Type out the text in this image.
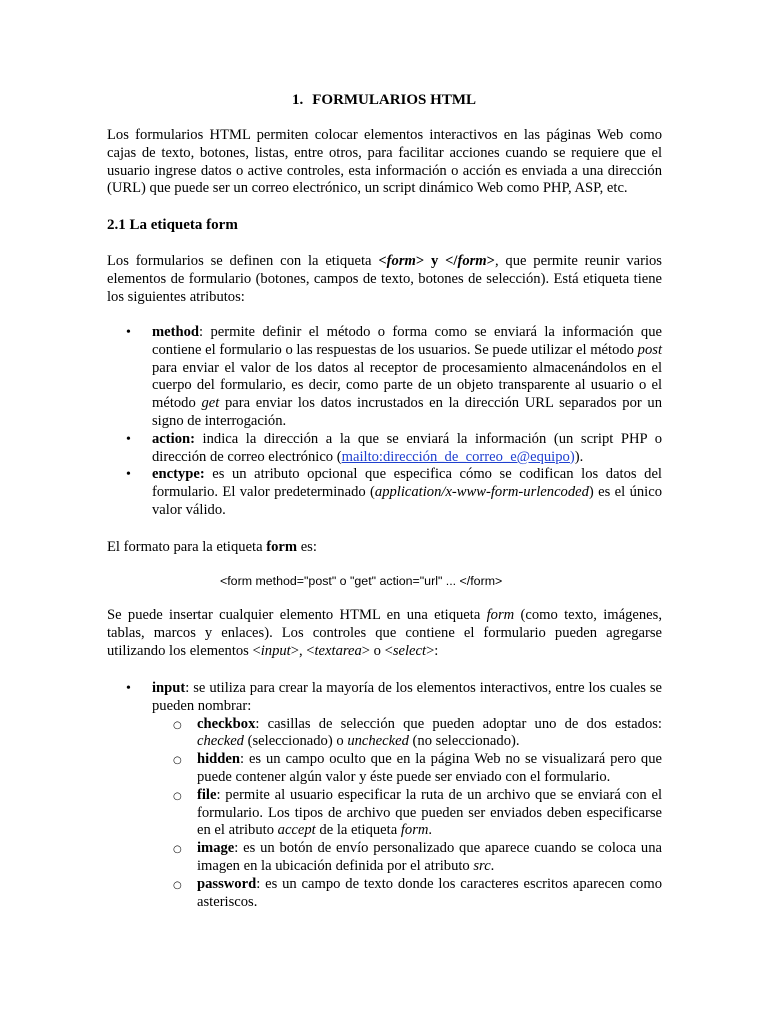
1. FORMULARIOS HTML

Los formularios HTML permiten colocar elementos interactivos en las páginas Web como cajas de texto, botones, listas, entre otros, para facilitar acciones cuando se requiere que el usuario ingrese datos o active controles, esta información o acción es enviada a una dirección (URL) que puede ser un correo electrónico, un script dinámico Web como PHP, ASP, etc.

2.1 La etiqueta form

Los formularios se definen con la etiqueta <form> y </form>, que permite reunir varios elementos de formulario (botones, campos de texto, botones de selección). Está etiqueta tiene los siguientes atributos:

• method: permite definir el método o forma como se enviará la información que contiene el formulario o las respuestas de los usuarios. Se puede utilizar el método post para enviar el valor de los datos al receptor de procesamiento almacenándolos en el cuerpo del formulario, es decir, como parte de un objeto transparente al usuario o el método get para enviar los datos incrustados en la dirección URL separados por un signo de interrogación.
• action: indica la dirección a la que se enviará la información (un script PHP o dirección de correo electrónico (mailto:dirección_de_correo_e@equipo)).
• enctype: es un atributo opcional que especifica cómo se codifican los datos del formulario. El valor predeterminado (application/x-www-form-urlencoded) es el único valor válido.

El formato para la etiqueta form es:

<form method="post" o "get" action="url" ... </form>

Se puede insertar cualquier elemento HTML en una etiqueta form (como texto, imágenes, tablas, marcos y enlaces). Los controles que contiene el formulario pueden agregarse utilizando los elementos <input>, <textarea> o <select>:

• input: se utiliza para crear la mayoría de los elementos interactivos, entre los cuales se pueden nombrar:
○ checkbox: casillas de selección que pueden adoptar uno de dos estados: checked (seleccionado) o unchecked (no seleccionado).
○ hidden: es un campo oculto que en la página Web no se visualizará pero que puede contener algún valor y éste puede ser enviado con el formulario.
○ file: permite al usuario especificar la ruta de un archivo que se enviará con el formulario. Los tipos de archivo que pueden ser enviados deben especificarse en el atributo accept de la etiqueta form.
○ image: es un botón de envío personalizado que aparece cuando se coloca una imagen en la ubicación definida por el atributo src.
○ password: es un campo de texto donde los caracteres escritos aparecen como asteriscos.
